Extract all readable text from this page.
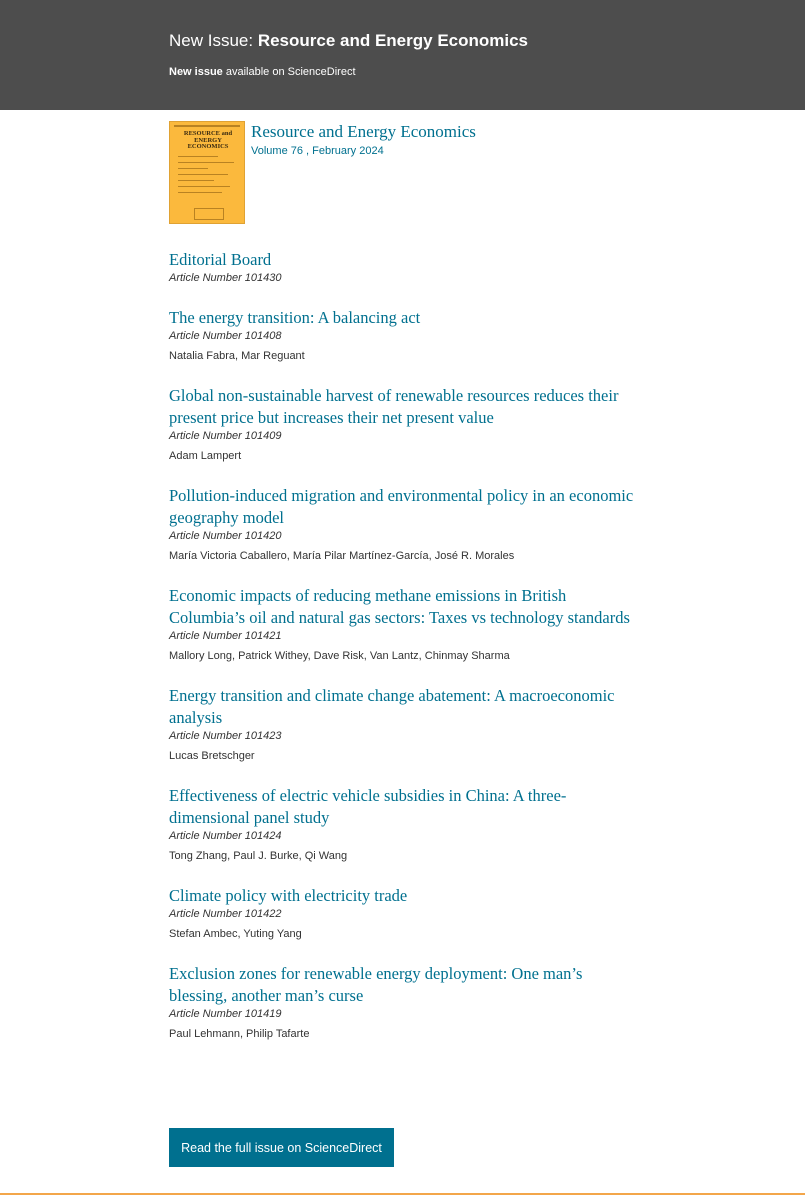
New Issue: Resource and Energy Economics
New issue available on ScienceDirect
RESOURCE and ENERGY ECONOMICS
Resource and Energy Economics
Volume 76 , February 2024
Editorial Board
Article Number 101430
The energy transition: A balancing act
Article Number 101408
Natalia Fabra, Mar Reguant
Global non-sustainable harvest of renewable resources reduces their present price but increases their net present value
Article Number 101409
Adam Lampert
Pollution-induced migration and environmental policy in an economic geography model
Article Number 101420
María Victoria Caballero, María Pilar Martínez-García, José R. Morales
Economic impacts of reducing methane emissions in British Columbia’s oil and natural gas sectors: Taxes vs technology standards
Article Number 101421
Mallory Long, Patrick Withey, Dave Risk, Van Lantz, Chinmay Sharma
Energy transition and climate change abatement: A macroeconomic analysis
Article Number 101423
Lucas Bretschger
Effectiveness of electric vehicle subsidies in China: A three-dimensional panel study
Article Number 101424
Tong Zhang, Paul J. Burke, Qi Wang
Climate policy with electricity trade
Article Number 101422
Stefan Ambec, Yuting Yang
Exclusion zones for renewable energy deployment: One man’s blessing, another man’s curse
Article Number 101419
Paul Lehmann, Philip Tafarte
Read the full issue on ScienceDirect
